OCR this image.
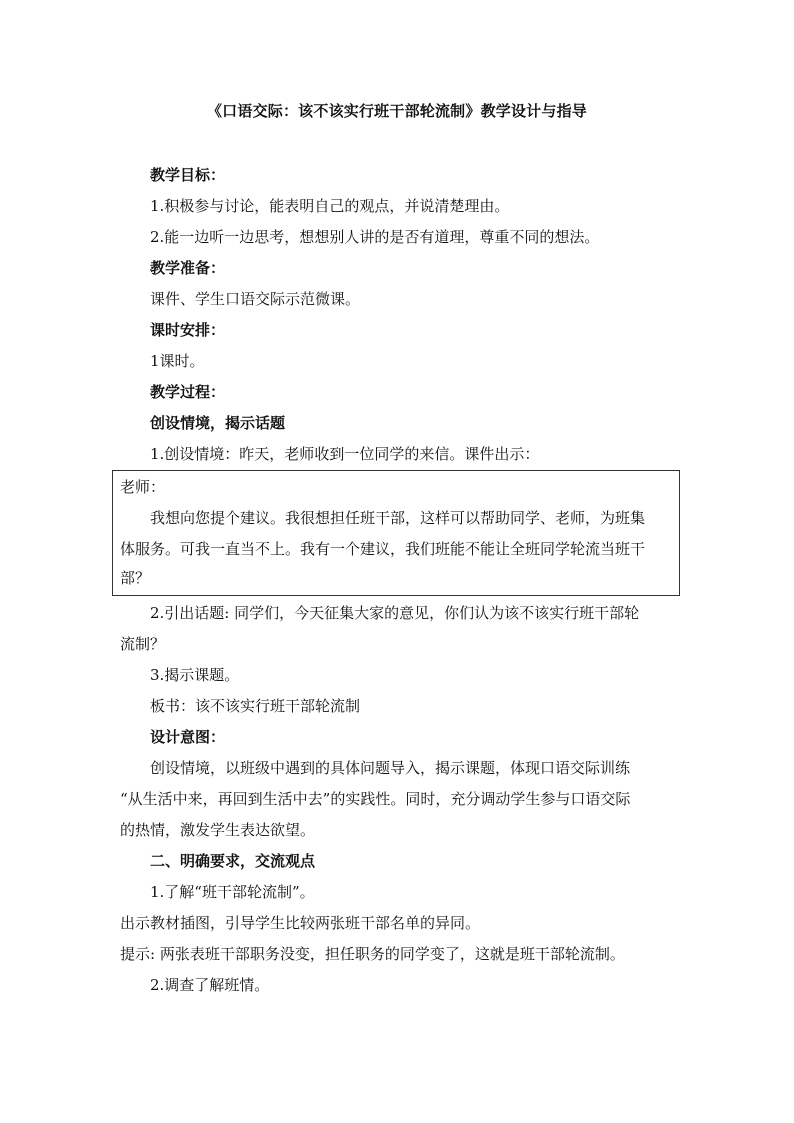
《口语交际：该不该实行班干部轮流制》教学设计与指导
教学目标：
1.积极参与讨论，能表明自己的观点，并说清楚理由。
2.能一边听一边思考，想想别人讲的是否有道理，尊重不同的想法。
教学准备：
课件、学生口语交际示范微课。
课时安排：
1课时。
教学过程：
创设情境，揭示话题
1.创设情境：昨天，老师收到一位同学的来信。课件出示：
老师：
我想向您提个建议。我很想担任班干部，这样可以帮助同学、老师，为班集
体服务。可我一直当不上。我有一个建议，我们班能不能让全班同学轮流当班干
部？
2.引出话题: 同学们，今天征集大家的意见，你们认为该不该实行班干部轮
流制？
3.揭示课题。
板书：该不该实行班干部轮流制
设计意图：
创设情境，以班级中遇到的具体问题导入，揭示课题，体现口语交际训练
“从生活中来，再回到生活中去”的实践性。同时，充分调动学生参与口语交际
的热情，激发学生表达欲望。
二、明确要求，交流观点
1.了解“班干部轮流制”。
出示教材插图，引导学生比较两张班干部名单的异同。
提示: 两张表班干部职务没变，担任职务的同学变了，这就是班干部轮流制。
2.调查了解班情。
